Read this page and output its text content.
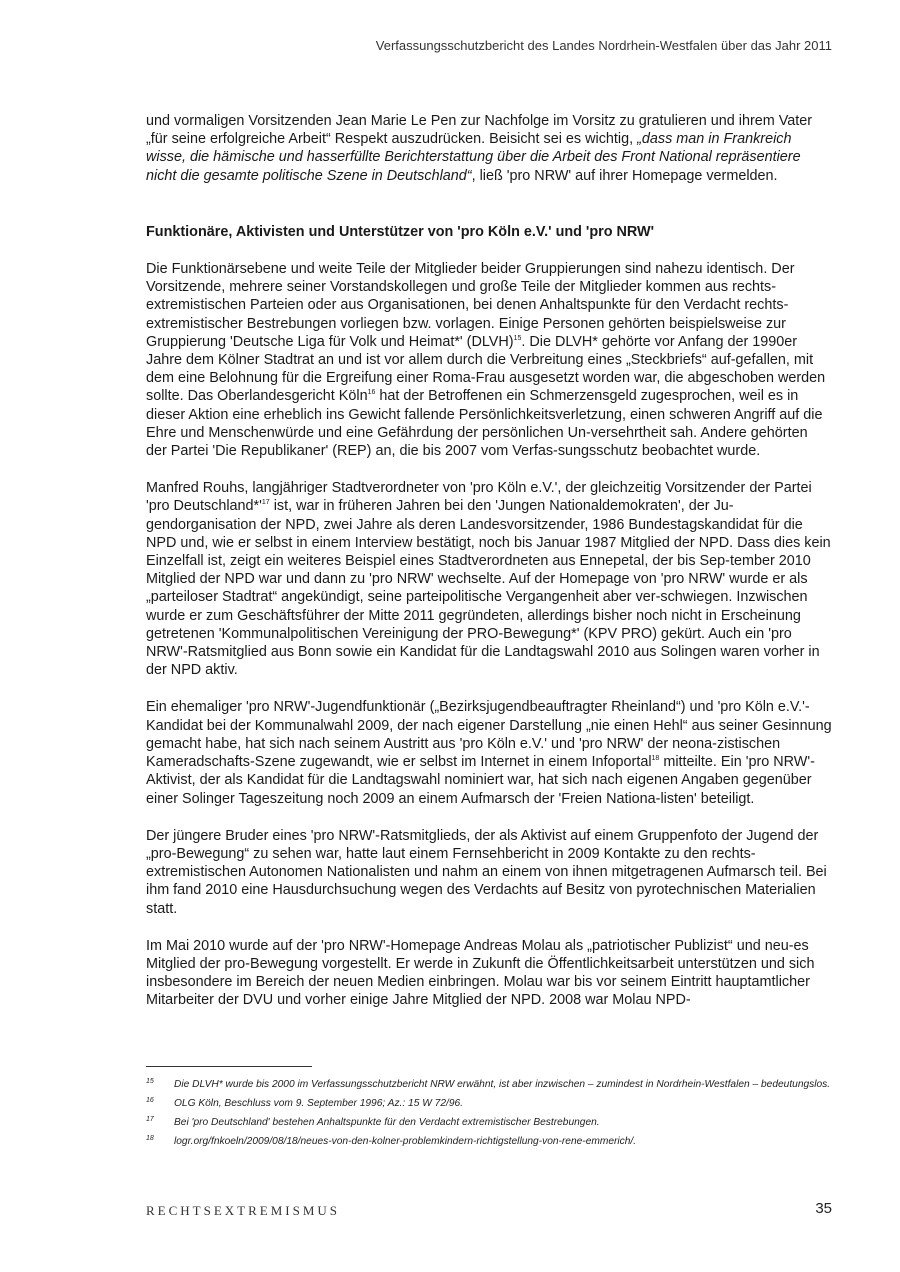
Verfassungsschutzbericht des Landes Nordrhein-Westfalen über das Jahr 2011

und vormaligen Vorsitzenden Jean Marie Le Pen zur Nachfolge im Vorsitz zu gratulieren und ihrem Vater „für seine erfolgreiche Arbeit“ Respekt auszudrücken. Beisicht sei es wichtig, „dass man in Frankreich wisse, die hämische und hasserfüllte Berichterstattung über die Arbeit des Front National repräsentiere nicht die gesamte politische Szene in Deutschland“, ließ 'pro NRW' auf ihrer Homepage vermelden.

Funktionäre, Aktivisten und Unterstützer von 'pro Köln e.V.' und 'pro NRW'

Die Funktionärsebene und weite Teile der Mitglieder beider Gruppierungen sind nahezu identisch. Der Vorsitzende, mehrere seiner Vorstandskollegen und große Teile der Mitglieder kommen aus rechts-extremistischen Parteien oder aus Organisationen, bei denen Anhaltspunkte für den Verdacht rechts-extremistischer Bestrebungen vorliegen bzw. vorlagen. Einige Personen gehörten beispielsweise zur Gruppierung 'Deutsche Liga für Volk und Heimat*' (DLVH)$^{15}$. Die DLVH* gehörte vor Anfang der 1990er Jahre dem Kölner Stadtrat an und ist vor allem durch die Verbreitung eines „Steckbriefs“ auf-gefallen, mit dem eine Belohnung für die Ergreifung einer Roma-Frau ausgesetzt worden war, die abgeschoben werden sollte. Das Oberlandesgericht Köln$^{16}$ hat der Betroffenen ein Schmerzensgeld zugesprochen, weil es in dieser Aktion eine erheblich ins Gewicht fallende Persönlichkeitsverletzung, einen schweren Angriff auf die Ehre und Menschenwürde und eine Gefährdung der persönlichen Un-versehrtheit sah. Andere gehörten der Partei 'Die Republikaner' (REP) an, die bis 2007 vom Verfas-sungsschutz beobachtet wurde.

Manfred Rouhs, langjähriger Stadtverordneter von 'pro Köln e.V.', der gleichzeitig Vorsitzender der Partei 'pro $Deutschland*'^{17}$ ist, war in früheren Jahren bei den 'Jungen Nationaldemokraten', der Ju-gendorganisation der NPD, zwei Jahre als deren Landesvorsitzender, 1986 Bundestagskandidat für die NPD und, wie er selbst in einem Interview bestätigt, noch bis Januar 1987 Mitglied der NPD. Dass dies kein Einzelfall ist, zeigt ein weiteres Beispiel eines Stadtverordneten aus Ennepetal, der bis Sep-tember 2010 Mitglied der NPD war und dann zu 'pro NRW' wechselte. Auf der Homepage von 'pro NRW' wurde er als „parteiloser Stadtrat“ angekündigt, seine parteipolitische Vergangenheit aber ver-schwiegen. Inzwischen wurde er zum Geschäftsführer der Mitte 2011 gegründeten, allerdings bisher noch nicht in Erscheinung getretenen 'Kommunalpolitischen Vereinigung der PRO-Bewegung*' (KPV PRO) gekürt. Auch ein 'pro NRW'-Ratsmitglied aus Bonn sowie ein Kandidat für die Landtagswahl 2010 aus Solingen waren vorher in der NPD aktiv.

Ein ehemaliger 'pro NRW'-Jugendfunktionär („Bezirksjugendbeauftragter Rheinland“) und 'pro Köln e.V.'-Kandidat bei der Kommunalwahl 2009, der nach eigener Darstellung „nie einen Hehl“ aus seiner Gesinnung gemacht habe, hat sich nach seinem Austritt aus 'pro Köln e.V.' und 'pro NRW' der neona-zistischen Kameradschafts-Szene zugewandt, wie er selbst im Internet in einem Infoportal$^{18}$ mitteilte. Ein 'pro NRW'-Aktivist, der als Kandidat für die Landtagswahl nominiert war, hat sich nach eigenen Angaben gegenüber einer Solinger Tageszeitung noch 2009 an einem Aufmarsch der 'Freien Nationa-listen' beteiligt.

Der jüngere Bruder eines 'pro NRW'-Ratsmitglieds, der als Aktivist auf einem Gruppenfoto der Jugend der „pro-Bewegung“ zu sehen war, hatte laut einem Fernsehbericht in 2009 Kontakte zu den rechts-extremistischen Autonomen Nationalisten und nahm an einem von ihnen mitgetragenen Aufmarsch teil. Bei ihm fand 2010 eine Hausdurchsuchung wegen des Verdachts auf Besitz von pyrotechnischen Materialien statt.

Im Mai 2010 wurde auf der 'pro NRW'-Homepage Andreas Molau als „patriotischer Publizist“ und neu-es Mitglied der pro-Bewegung vorgestellt. Er werde in Zukunft die Öffentlichkeitsarbeit unterstützen und sich insbesondere im Bereich der neuen Medien einbringen. Molau war bis vor seinem Eintritt hauptamtlicher Mitarbeiter der DVU und vorher einige Jahre Mitglied der NPD. 2008 war Molau NPD-

15	Die DLVH* wurde bis 2000 im Verfassungsschutzbericht NRW erwähnt, ist aber inzwischen – zumindest in Nordrhein-Westfalen – bedeutungslos.
16	OLG Köln, Beschluss vom 9. September 1996; Az.: 15 W 72/96.
17	Bei 'pro Deutschland' bestehen Anhaltspunkte für den Verdacht extremistischer Bestrebungen.
18	logr.org/fnkoeln/2009/08/18/neues-von-den-kolner-problemkindern-richtigstellung-von-rene-emmerich/.
RECHTSEXTREMISMUS	35
